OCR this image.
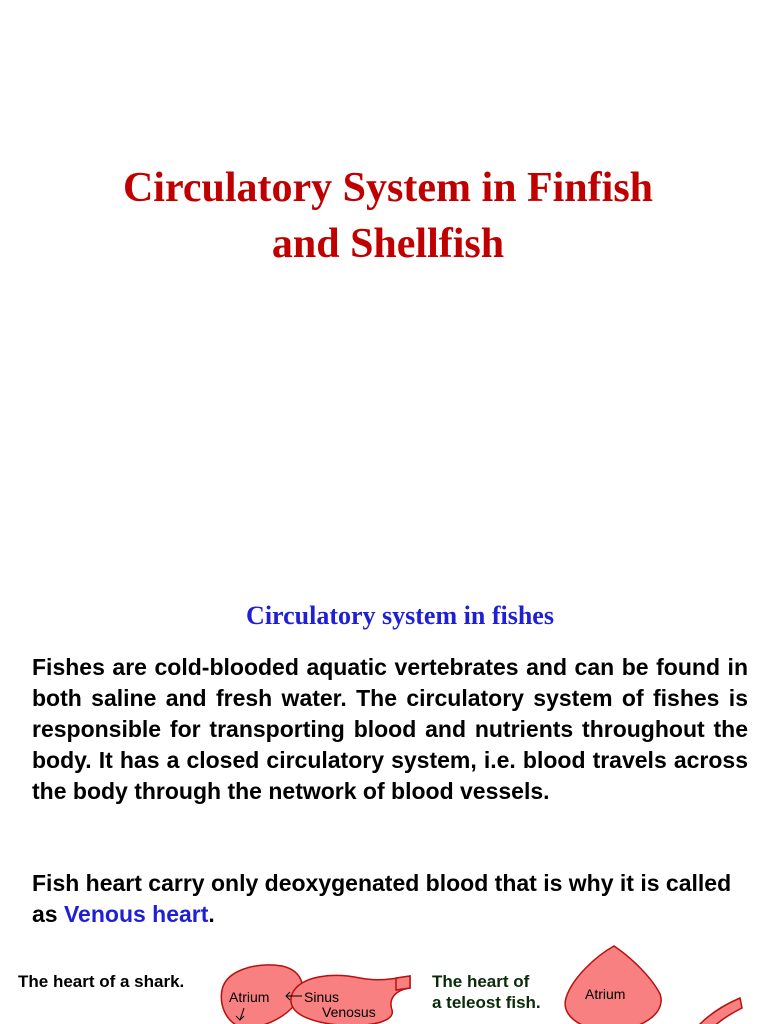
Circulatory System in Finfish
and Shellfish
Circulatory system in fishes

Fishes are cold-blooded aquatic vertebrates and can be found in both saline and fresh water. The circulatory system of fishes is responsible for transporting blood and nutrients throughout the body. It has a closed circulatory system, i.e. blood travels across the body through the network of blood vessels.

Fish heart carry only deoxygenated blood that is why it is called as Venous heart.

The heart of a shark.

Atrium Sinus
Venosus
Atrium

The heart of
a teleost fish.
